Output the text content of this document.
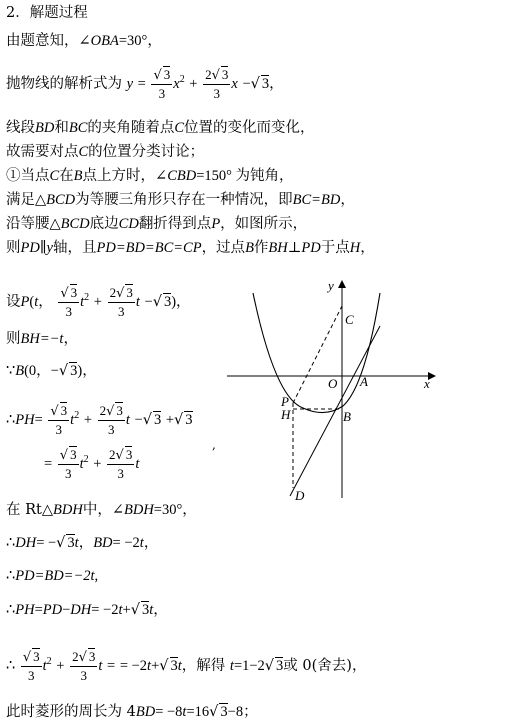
2．解题过程
由题意知，∠OBA=30°，
抛物线的解析式为 $y = \frac{√ 3}{3} x^2 + \frac{2√ 3}{3}$ x −√ 3，
线段BD和BC的夹角随着点C位置的变化而变化，
故需要对点C的位置分类讨论；
①当点C在B点上方时，∠CBD=150° 为钝角，
满足△BCD为等腰三角形只存在一种情况，即BC=BD，
沿等腰△BCD底边CD翻折得到点P，如图所示，
则PD∥y轴，且PD=BD=BC=CP，过点B作BH⊥PD于点H，
设P(t， $\frac{√ 3}{3} t^2 + \frac{2√ 3}{3}$ t −√ 3)，
则BH=−t，
∵B(0，−√ 3)，
∴PH= $\frac{√ 3}{3} t^2 + \frac{2√ 3}{3}$ t −√ 3 +√ 3
= $\frac{√ 3}{3} t^2 + \frac{2√ 3}{3}$ t
在 Rt△BDH中，∠BDH=30°，
∴DH= −√ 3t，BD= −2t，
∴PD=BD=−2t,
∴PH=PD−DH= −2t+√ 3t，
∴ $\frac{√ 3}{3} t^2 + \frac{2√ 3}{3}$ t = = −2t+√ 3t，解得 t=1−2√ 3或 0(舍去)，
此时菱形的周长为 4BD= −8t=16√ 3−8；
y
x
C
O A
P
H	B
D
,
